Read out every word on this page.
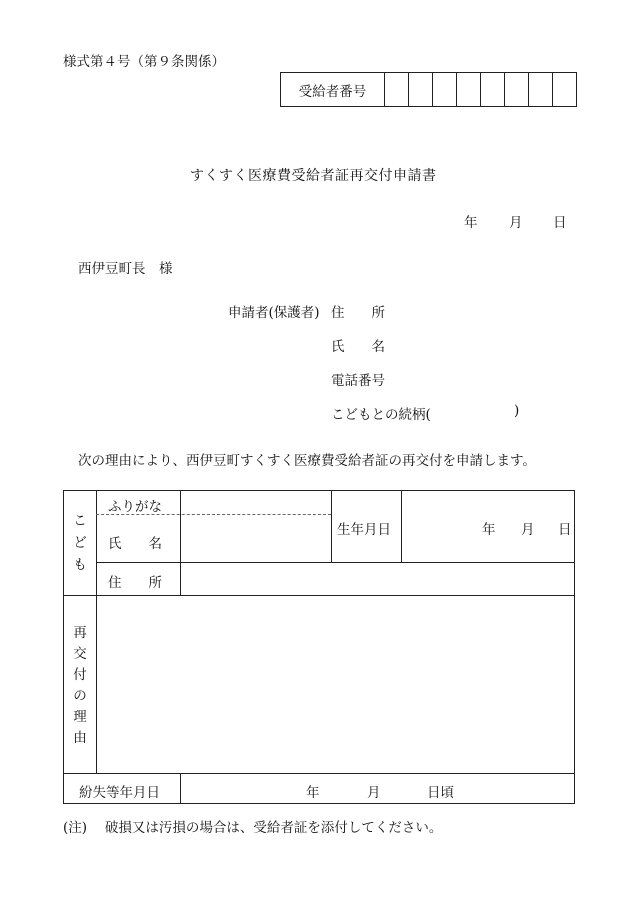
様式第４号（第９条関係）
受給者番号								
すくすく医療費受給者証再交付申請書
年 月 日
西伊豆町長　様
申請者(保護者) 住　　所
氏　　名
電話番号
こどもとの続柄(	)
次の理由により、西伊豆町すくすく医療費受給者証の再交付を申請します。
こ
ど
も
ふりがな
氏　　名
生年月日	年 月 日
住　　所
再
交
付
の
理
由
紛失等年月日	年	月	日頃
(注)　 破損又は汚損の場合は、受給者証を添付してください。
